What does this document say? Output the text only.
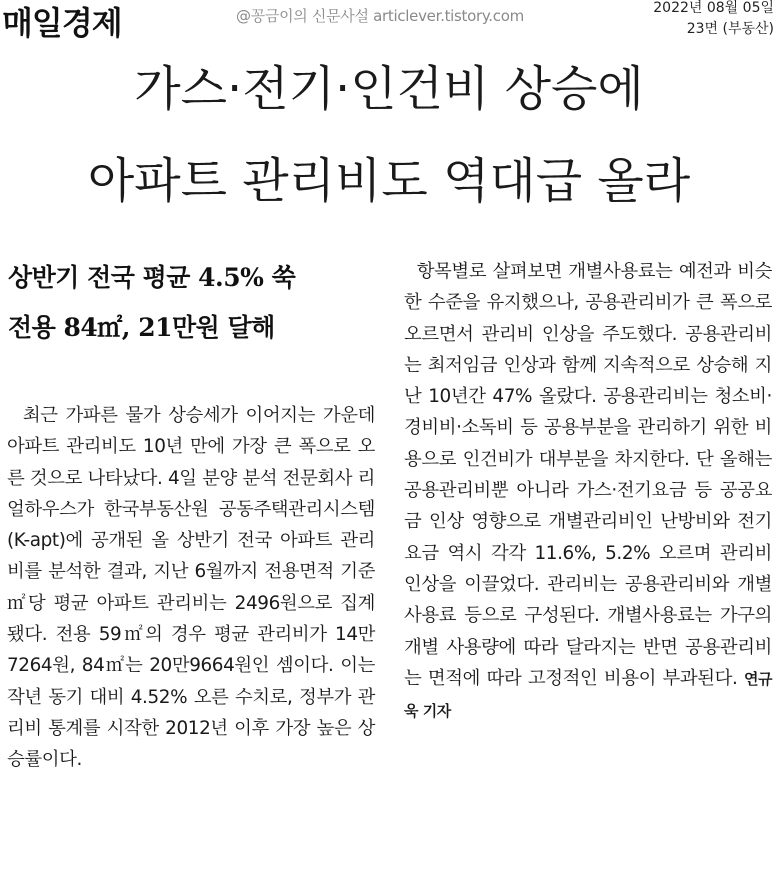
매일경제	@꽁금이의 신문사설 articlever.tistory.com	2022년 08월 05일
23면 (부동산)
가스·전기·인건비 상승에
아파트 관리비도 역대급 올라
상반기 전국 평균 4.5% 쑥
전용 84㎡, 21만원 달해
최근 가파른 물가 상승세가 이어지는 가운데 아파트 관리비도 10년 만에 가장 큰 폭으로 오른 것으로 나타났다. 4일 분양 분석 전문회사 리얼하우스가 한국부동산원 공동주택관리시스템(K-apt)에 공개된 올 상반기 전국 아파트 관리비를 분석한 결과, 지난 6월까지 전용면적 기준 ㎡당 평균 아파트 관리비는 2496원으로 집계됐다. 전용 59㎡의 경우 평균 관리비가 14만7264원, 84㎡는 20만9664원인 셈이다. 이는 작년 동기 대비 4.52% 오른 수치로, 정부가 관리비 통계를 시작한 2012년 이후 가장 높은 상승률이다.
항목별로 살펴보면 개별사용료는 예전과 비슷한 수준을 유지했으나, 공용관리비가 큰 폭으로 오르면서 관리비 인상을 주도했다. 공용관리비는 최저임금 인상과 함께 지속적으로 상승해 지난 10년간 47% 올랐다. 공용관리비는 청소비·경비비·소독비 등 공용부분을 관리하기 위한 비용으로 인건비가 대부분을 차지한다. 단 올해는 공용관리비뿐 아니라 가스·전기요금 등 공공요금 인상 영향으로 개별관리비인 난방비와 전기요금 역시 각각 11.6%, 5.2% 오르며 관리비 인상을 이끌었다. 관리비는 공용관리비와 개별사용료 등으로 구성된다. 개별사용료는 가구의 개별 사용량에 따라 달라지는 반면 공용관리비는 면적에 따라 고정적인 비용이 부과된다. 연규욱 기자
